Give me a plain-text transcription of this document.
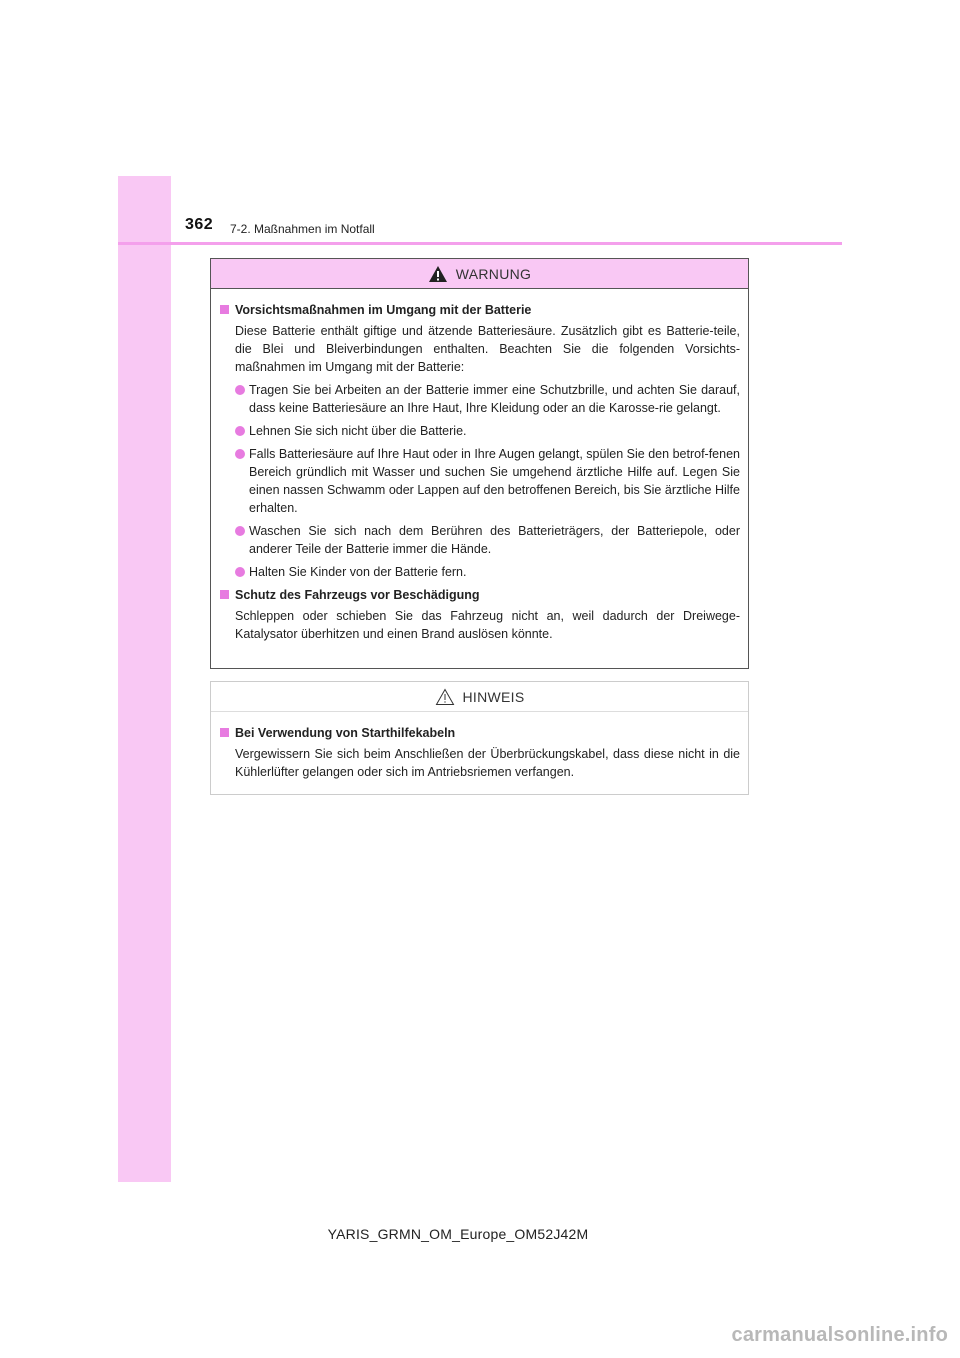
362 7-2. Maßnahmen im Notfall
WARNUNG
Vorsichtsmaßnahmen im Umgang mit der Batterie
Diese Batterie enthält giftige und ätzende Batteriesäure. Zusätzlich gibt es Batterie-teile, die Blei und Bleiverbindungen enthalten. Beachten Sie die folgenden Vorsichts-maßnahmen im Umgang mit der Batterie:
Tragen Sie bei Arbeiten an der Batterie immer eine Schutzbrille, und achten Sie darauf, dass keine Batteriesäure an Ihre Haut, Ihre Kleidung oder an die Karosse-rie gelangt.
Lehnen Sie sich nicht über die Batterie.
Falls Batteriesäure auf Ihre Haut oder in Ihre Augen gelangt, spülen Sie den betrof-fenen Bereich gründlich mit Wasser und suchen Sie umgehend ärztliche Hilfe auf. Legen Sie einen nassen Schwamm oder Lappen auf den betroffenen Bereich, bis Sie ärztliche Hilfe erhalten.
Waschen Sie sich nach dem Berühren des Batterieträgers, der Batteriepole, oder anderer Teile der Batterie immer die Hände.
Halten Sie Kinder von der Batterie fern.
Schutz des Fahrzeugs vor Beschädigung
Schleppen oder schieben Sie das Fahrzeug nicht an, weil dadurch der Dreiwege-Katalysator überhitzen und einen Brand auslösen könnte.
HINWEIS
Bei Verwendung von Starthilfekabeln
Vergewissern Sie sich beim Anschließen der Überbrückungskabel, dass diese nicht in die Kühlerlüfter gelangen oder sich im Antriebsriemen verfangen.
YARIS_GRMN_OM_Europe_OM52J42M
carmanualsonline.info
